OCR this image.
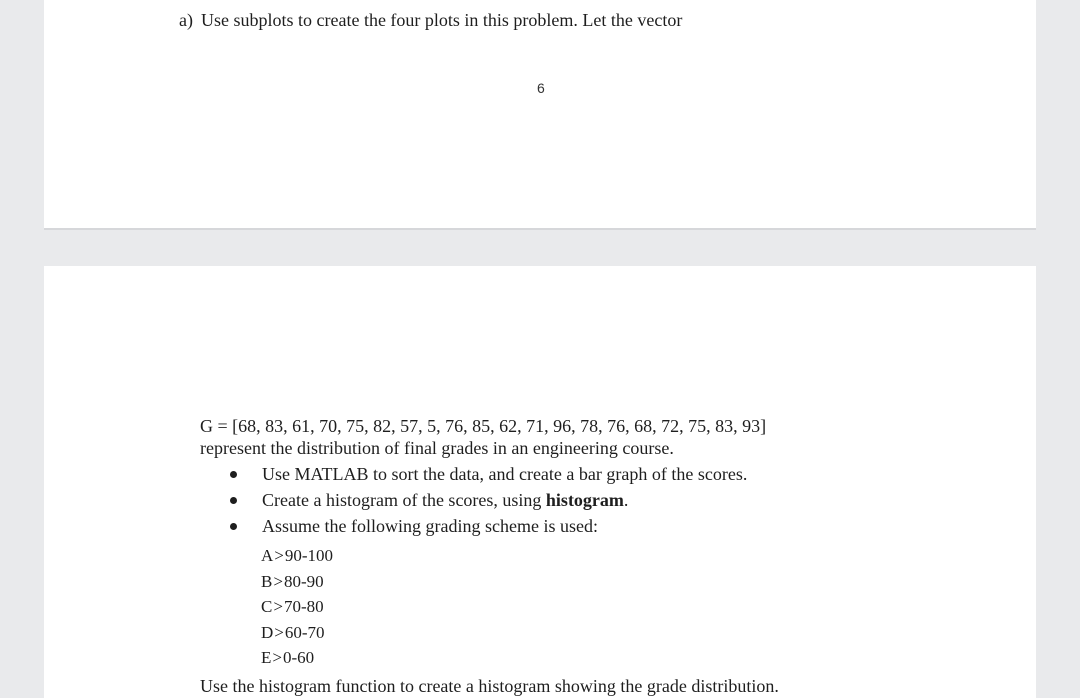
a) Use subplots to create the four plots in this problem. Let the vector
6
G = [68, 83, 61, 70, 75, 82, 57, 5, 76, 85, 62, 71, 96, 78, 76, 68, 72, 75, 83, 93]
represent the distribution of final grades in an engineering course.
Use MATLAB to sort the data, and create a bar graph of the scores.
Create a histogram of the scores, using histogram.
Assume the following grading scheme is used:
A>90-100
B>80-90
C>70-80
D>60-70
E>0-60
Use the histogram function to create a histogram showing the grade distribution.
